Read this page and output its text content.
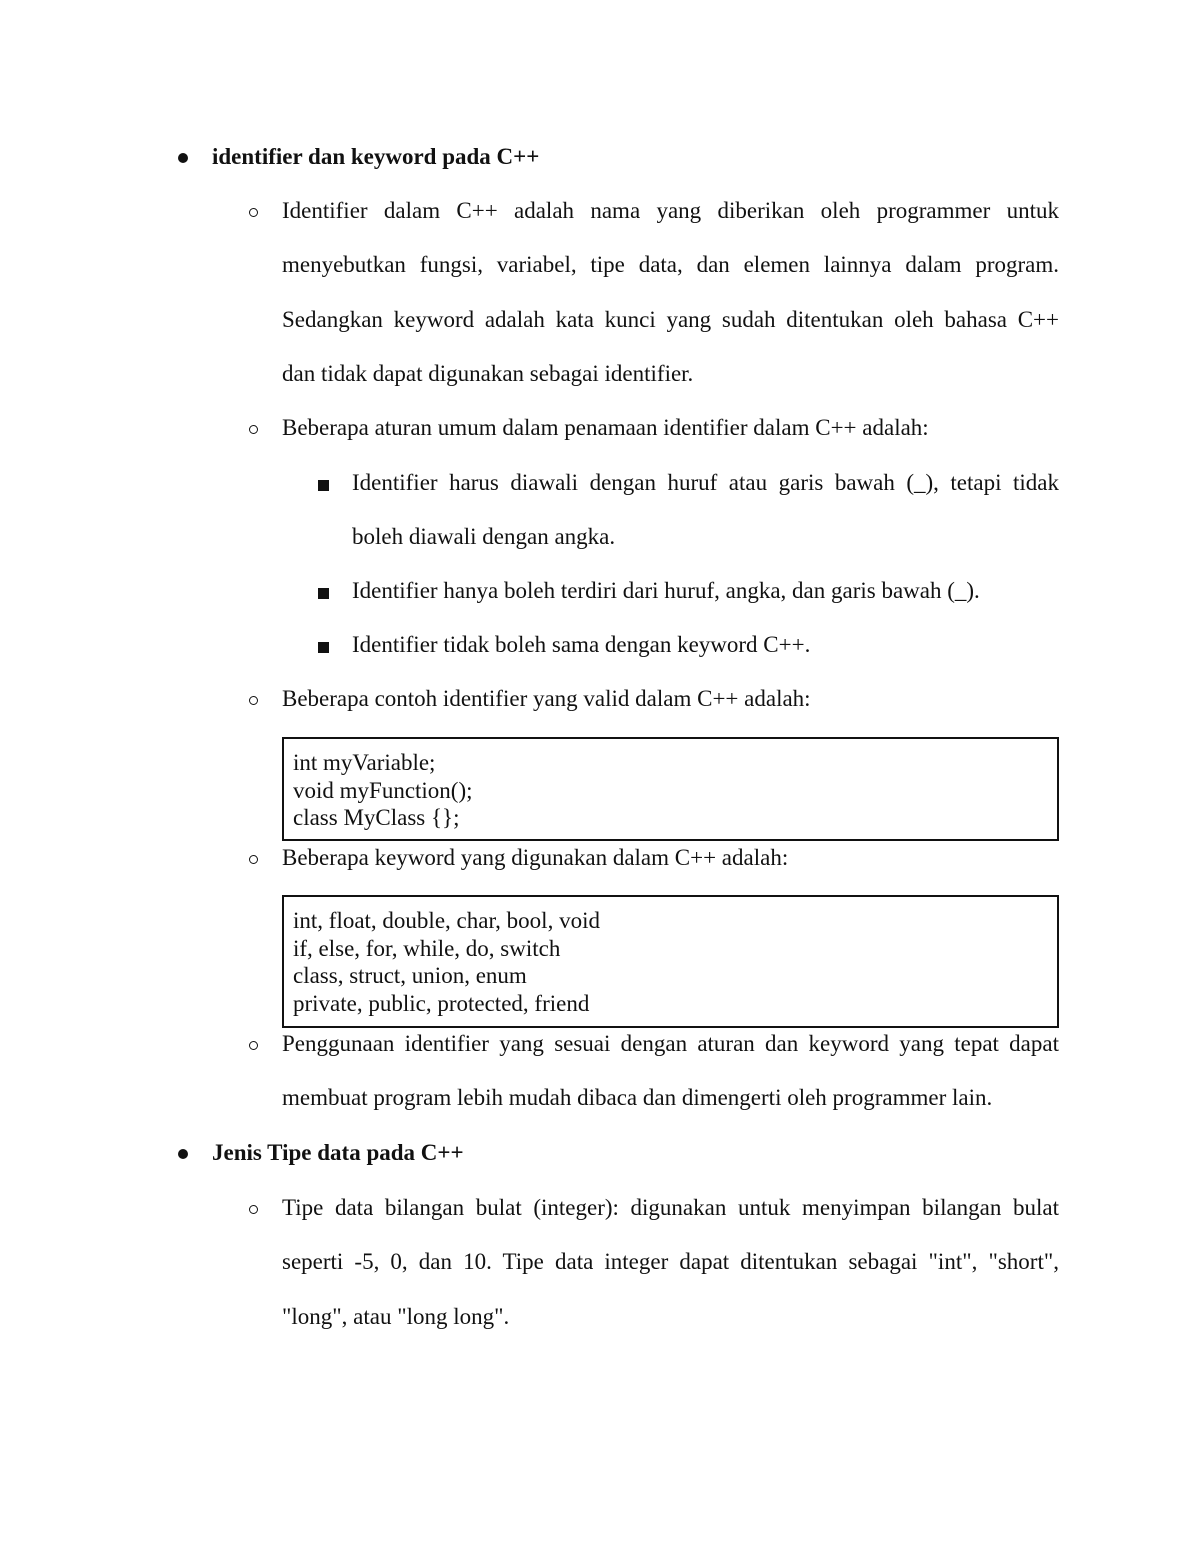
identifier dan keyword pada C++
Identifier dalam C++ adalah nama yang diberikan oleh programmer untuk
menyebutkan fungsi, variabel, tipe data, dan elemen lainnya dalam program.
Sedangkan keyword adalah kata kunci yang sudah ditentukan oleh bahasa C++
dan tidak dapat digunakan sebagai identifier.
Beberapa aturan umum dalam penamaan identifier dalam C++ adalah:
Identifier harus diawali dengan huruf atau garis bawah (_), tetapi tidak
boleh diawali dengan angka.
Identifier hanya boleh terdiri dari huruf, angka, dan garis bawah (_).
Identifier tidak boleh sama dengan keyword C++.
Beberapa contoh identifier yang valid dalam C++ adalah:
int myVariable;
void myFunction();
class MyClass {};
Beberapa keyword yang digunakan dalam C++ adalah:
int, float, double, char, bool, void
if, else, for, while, do, switch
class, struct, union, enum
private, public, protected, friend
Penggunaan identifier yang sesuai dengan aturan dan keyword yang tepat dapat
membuat program lebih mudah dibaca dan dimengerti oleh programmer lain.
Jenis Tipe data pada C++
Tipe data bilangan bulat (integer): digunakan untuk menyimpan bilangan bulat
seperti -5, 0, dan 10. Tipe data integer dapat ditentukan sebagai "int", "short",
"long", atau "long long".
